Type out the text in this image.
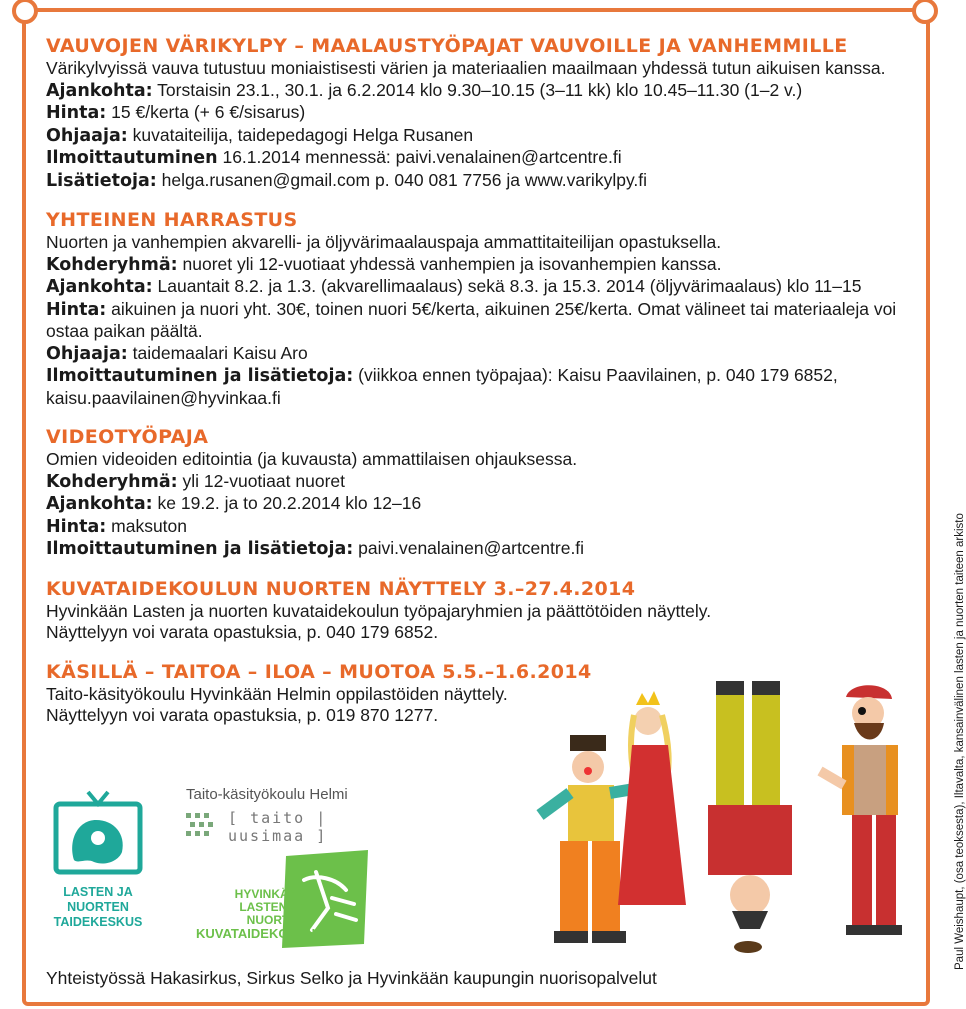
VAUVOJEN VÄRIKYLPY – MAALAUSTYÖPAJAT VAUVOILLE JA VANHEMMILLE

Värikylvyissä vauva tutustuu moniaistisesti värien ja materiaalien maailmaan yhdessä tutun aikuisen kanssa.

Ajankohta: Torstaisin 23.1., 30.1. ja 6.2.2014 klo 9.30–10.15 (3–11 kk) klo 10.45–11.30 (1–2 v.)

Hinta: 15 €/kerta (+ 6 €/sisarus)

Ohjaaja: kuvataiteilija, taidepedagogi Helga Rusanen

Ilmoittautuminen 16.1.2014 mennessä: paivi.venalainen@artcentre.fi

Lisätietoja: helga.rusanen@gmail.com p. 040 081 7756 ja www.varikylpy.fi

YHTEINEN HARRASTUS

Nuorten ja vanhempien akvarelli- ja öljyvärimaalauspaja ammattitaiteilijan opastuksella.

Kohderyhmä: nuoret yli 12-vuotiaat yhdessä vanhempien ja isovanhempien kanssa.

Ajankohta: Lauantait 8.2. ja 1.3. (akvarellimaalaus) sekä 8.3. ja 15.3. 2014 (öljyvärimaalaus) klo 11–15

Hinta: aikuinen ja nuori yht. 30€, toinen nuori 5€/kerta, aikuinen 25€/kerta. Omat välineet tai materiaaleja voi ostaa paikan päältä.

Ohjaaja: taidemaalari Kaisu Aro

Ilmoittautuminen ja lisätietoja: (viikkoa ennen työpajaa): Kaisu Paavilainen, p. 040 179 6852, kaisu.paavilainen@hyvinkaa.fi

VIDEOTYÖPAJA

Omien videoiden editointia (ja kuvausta) ammattilaisen ohjauksessa.

Kohderyhmä: yli 12-vuotiaat nuoret

Ajankohta: ke 19.2. ja to 20.2.2014 klo 12–16

Hinta: maksuton

Ilmoittautuminen ja lisätietoja: paivi.venalainen@artcentre.fi

KUVATAIDEKOULUN NUORTEN NÄYTTELY 3.–27.4.2014

Hyvinkään Lasten ja nuorten kuvataidekoulun työpajaryhmien ja päättötöiden näyttely.

Näyttelyyn voi varata opastuksia, p. 040 179 6852.

KÄSILLÄ – TAITOA – ILOA – MUOTOA 5.5.–1.6.2014

Taito-käsityökoulu Hyvinkään Helmin oppilastöiden näyttely.

Näyttelyyn voi varata opastuksia, p. 019 870 1277.

LASTEN JA NUORTEN TAIDEKESKUS
Taito-käsityökoulu Helmi
[ taito | uusimaa ]
HYVINKÄÄN
LASTEN JA NUORTEN
KUVATAIDEKOULU	Paul Weishaupt, (osa teoksesta), Iltavalta, kansainvälinen lasten ja nuorten taiteen arkisto
Yhteistyössä Hakasirkus, Sirkus Selko ja Hyvinkään kaupungin nuorisopalvelut
